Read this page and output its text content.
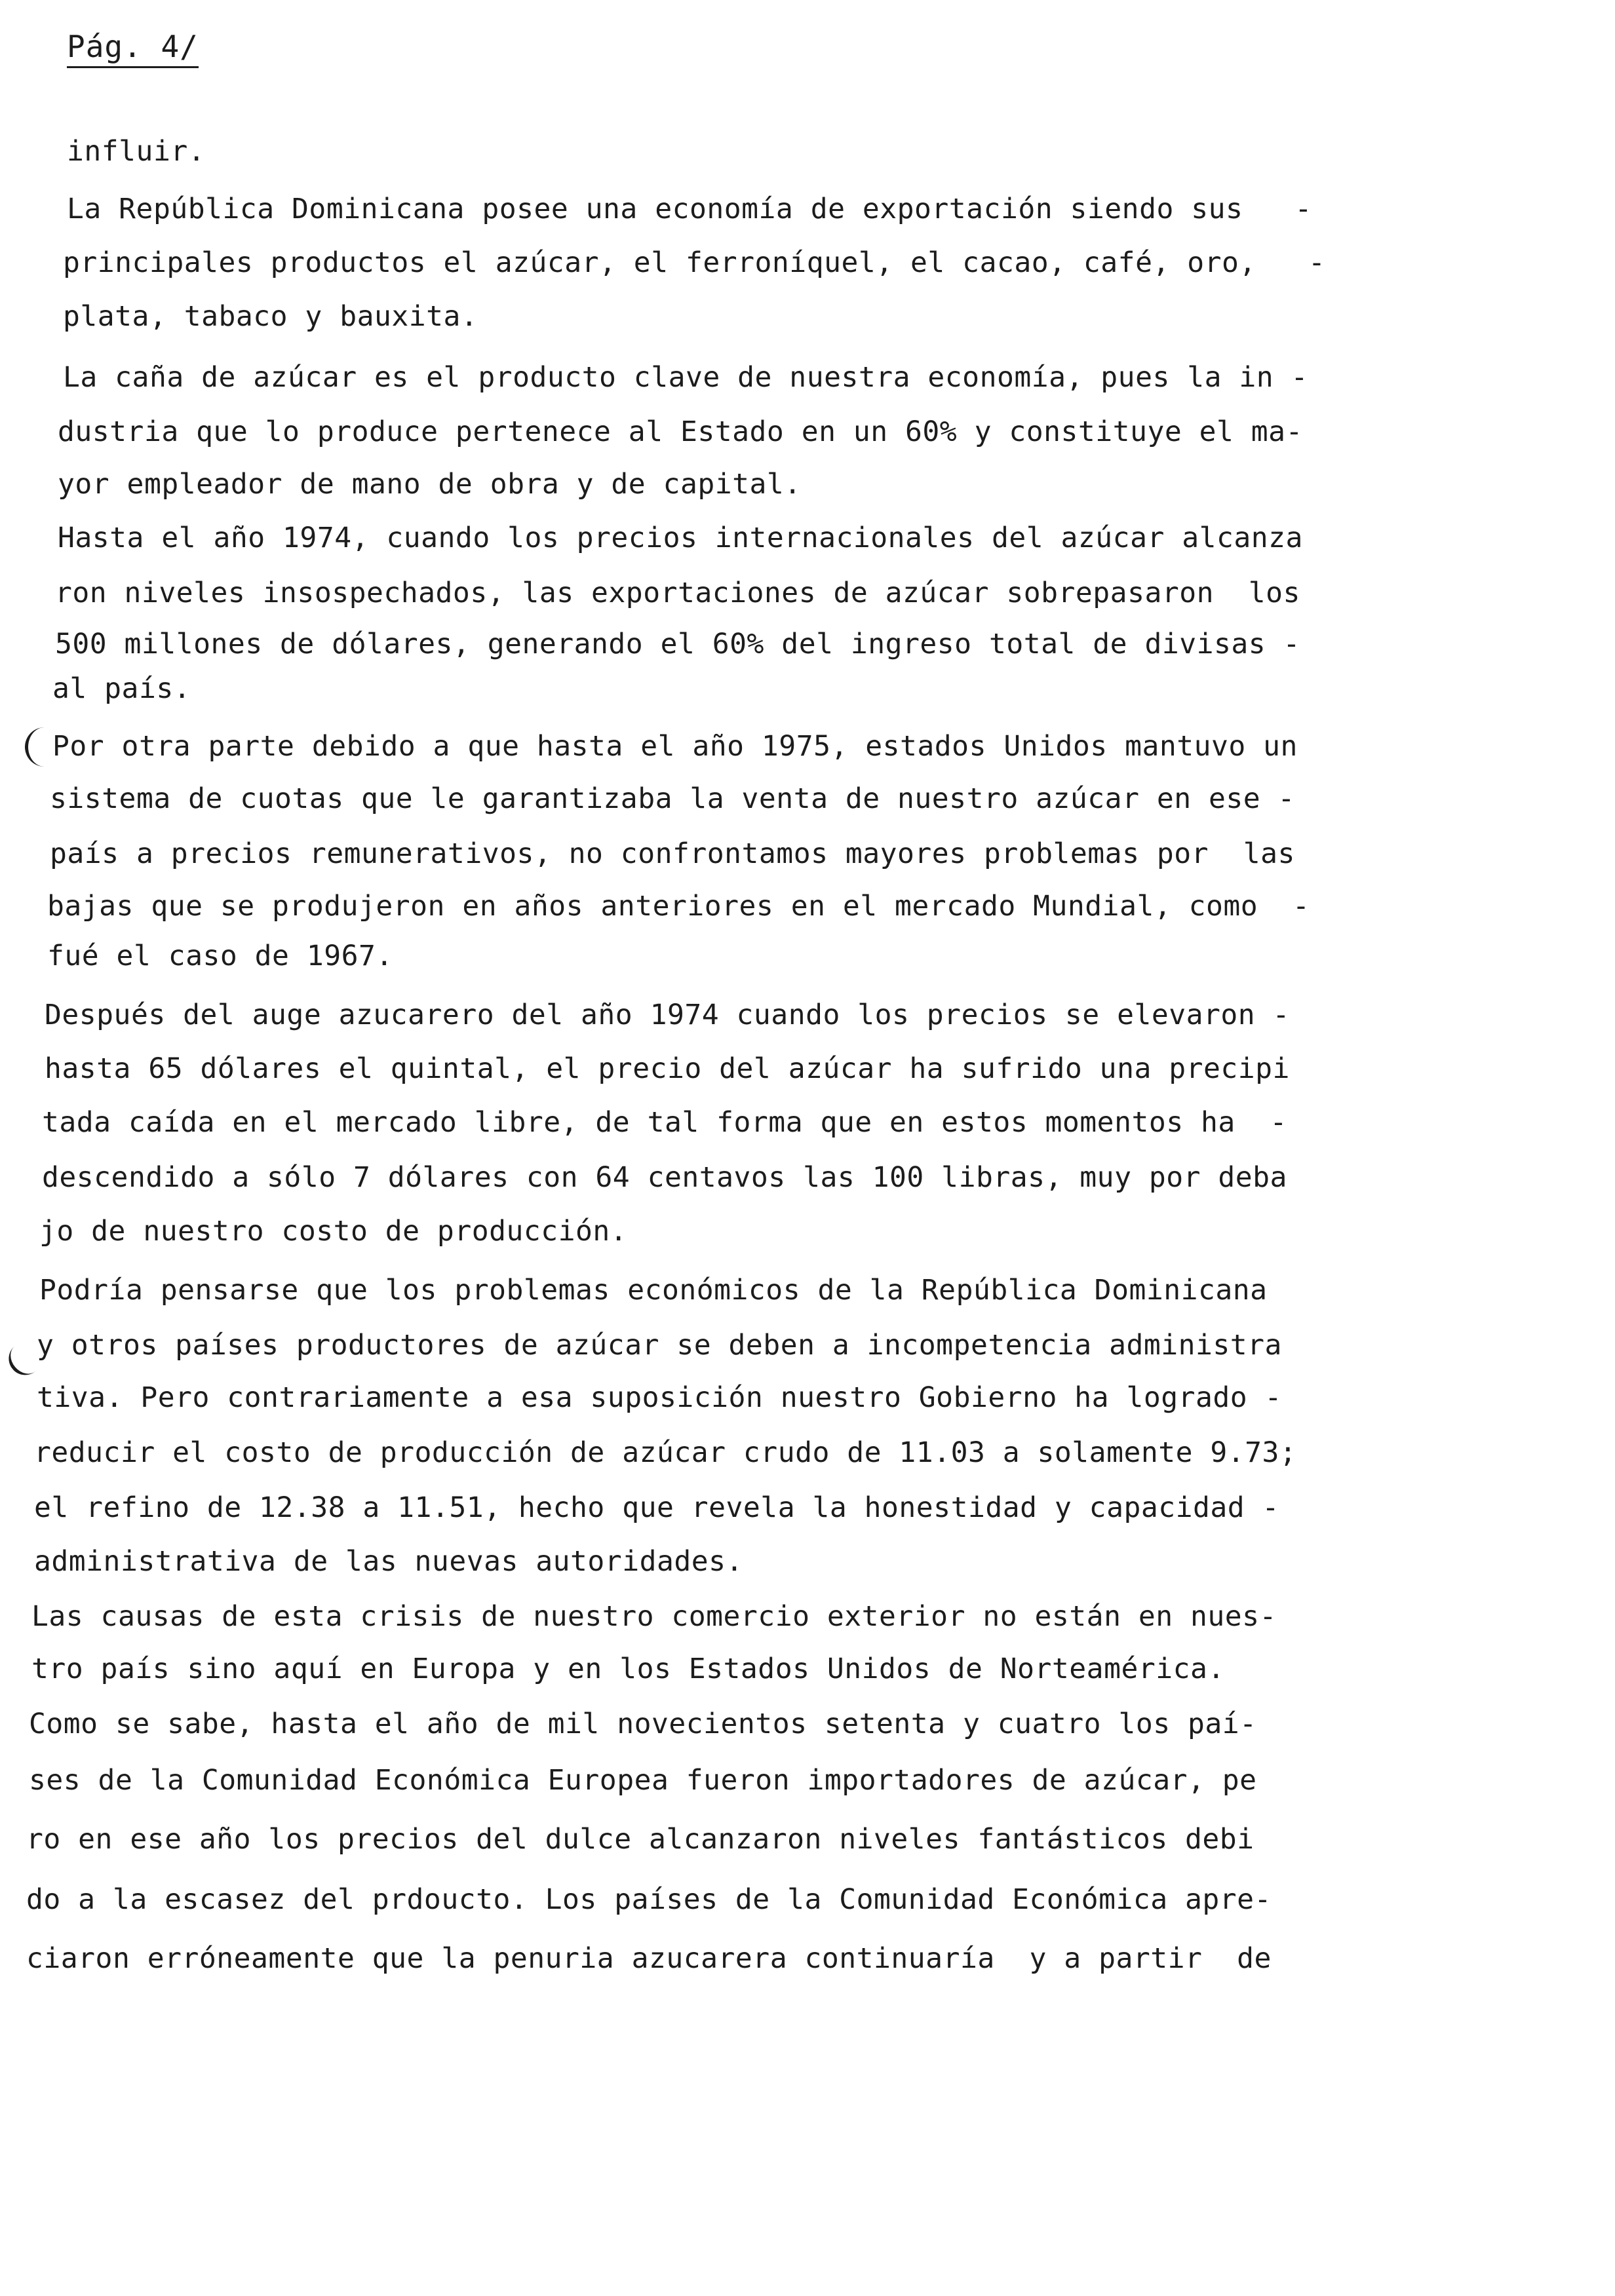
Pág. 4/
influir.
La República Dominicana posee una economía de exportación siendo sus   -
principales productos el azúcar, el ferroníquel, el cacao, café, oro,   -
plata, tabaco y bauxita.
La caña de azúcar es el producto clave de nuestra economía, pues la in -
dustria que lo produce pertenece al Estado en un 60% y constituye el ma-
yor empleador de mano de obra y de capital.
Hasta el año 1974, cuando los precios internacionales del azúcar alcanza
ron niveles insospechados, las exportaciones de azúcar sobrepasaron  los
500 millones de dólares, generando el 60% del ingreso total de divisas -
al país.
Por otra parte debido a que hasta el año 1975, estados Unidos mantuvo un
sistema de cuotas que le garantizaba la venta de nuestro azúcar en ese -
país a precios remunerativos, no confrontamos mayores problemas por  las
bajas que se produjeron en años anteriores en el mercado Mundial, como  -
fué el caso de 1967.
Después del auge azucarero del año 1974 cuando los precios se elevaron -
hasta 65 dólares el quintal, el precio del azúcar ha sufrido una precipi
tada caída en el mercado libre, de tal forma que en estos momentos ha  -
descendido a sólo 7 dólares con 64 centavos las 100 libras, muy por deba
jo de nuestro costo de producción.
Podría pensarse que los problemas económicos de la República Dominicana
y otros países productores de azúcar se deben a incompetencia administra
tiva. Pero contrariamente a esa suposición nuestro Gobierno ha logrado -
reducir el costo de producción de azúcar crudo de 11.03 a solamente 9.73;
el refino de 12.38 a 11.51, hecho que revela la honestidad y capacidad -
administrativa de las nuevas autoridades.
Las causas de esta crisis de nuestro comercio exterior no están en nues-
tro país sino aquí en Europa y en los Estados Unidos de Norteamérica.
Como se sabe, hasta el año de mil novecientos setenta y cuatro los paí-
ses de la Comunidad Económica Europea fueron importadores de azúcar, pe
ro en ese año los precios del dulce alcanzaron niveles fantásticos debi
do a la escasez del prdoucto. Los países de la Comunidad Económica apre-
ciaron erróneamente que la penuria azucarera continuaría  y a partir  de
